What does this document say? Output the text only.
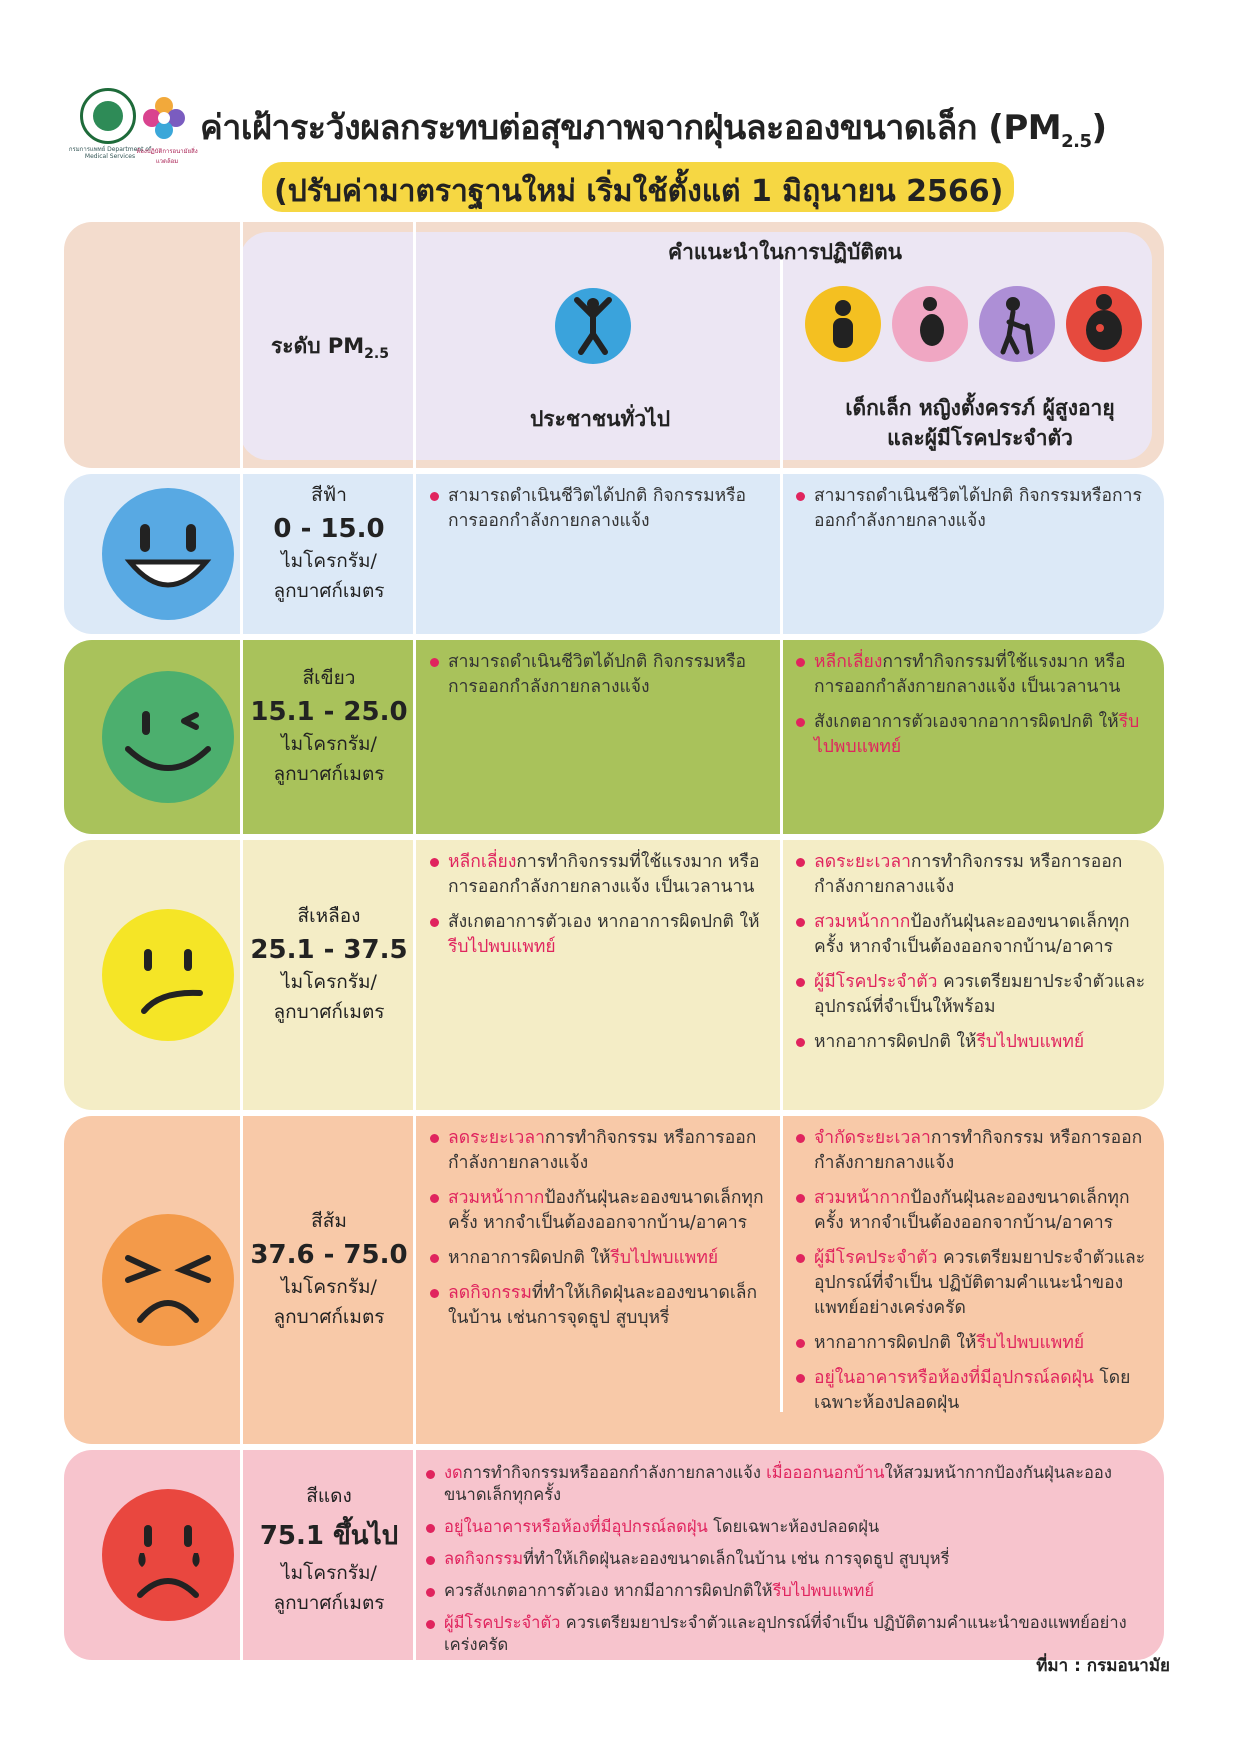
กรมการแพทย์ Department of Medical Services
ห้องปฏิบัติการอนามัยสิ่งแวดล้อม
ค่าเฝ้าระวังผลกระทบต่อสุขภาพจากฝุ่นละอองขนาดเล็ก $(PM_{2.5})$
(ปรับค่ามาตราฐานใหม่ เริ่มใช้ตั้งแต่ 1 มิถุนายน 2566)
สีฟ้า
0 - 15.0
ไมโครกรัม/
ลูกบาศก์เมตร
สามารถดำเนินชีวิตได้ปกติ กิจกรรมหรือการออกกำลังกายกลางแจ้ง
สามารถดำเนินชีวิตได้ปกติ กิจกรรมหรือการออกกำลังกายกลางแจ้ง
สีเขียว
15.1 - 25.0
ไมโครกรัม/
ลูกบาศก์เมตร
สามารถดำเนินชีวิตได้ปกติ กิจกรรมหรือการออกกำลังกายกลางแจ้ง
หลีกเลี่ยงการทำกิจกรรมที่ใช้แรงมาก หรือการออกกำลังกายกลางแจ้ง เป็นเวลานาน
สังเกตอาการตัวเองจากอาการผิดปกติ ให้รีบไปพบแพทย์
สีเหลือง
25.1 - 37.5
ไมโครกรัม/
ลูกบาศก์เมตร
หลีกเลี่ยงการทำกิจกรรมที่ใช้แรงมาก หรือการออกกำลังกายกลางแจ้ง เป็นเวลานาน
สังเกตอาการตัวเอง หากอาการผิดปกติ ให้รีบไปพบแพทย์
ลดระยะเวลาการทำกิจกรรม หรือการออกกำลังกายกลางแจ้ง
สวมหน้ากากป้องกันฝุ่นละอองขนาดเล็กทุกครั้ง หากจำเป็นต้องออกจากบ้าน/อาคาร
ผู้มีโรคประจำตัว ควรเตรียมยาประจำตัวและอุปกรณ์ที่จำเป็นให้พร้อม
หากอาการผิดปกติ ให้รีบไปพบแพทย์
สีส้ม
37.6 - 75.0
ไมโครกรัม/
ลูกบาศก์เมตร
ลดระยะเวลาการทำกิจกรรม หรือการออกกำลังกายกลางแจ้ง
สวมหน้ากากป้องกันฝุ่นละอองขนาดเล็กทุกครั้ง หากจำเป็นต้องออกจากบ้าน/อาคาร
หากอาการผิดปกติ ให้รีบไปพบแพทย์
ลดกิจกรรมที่ทำให้เกิดฝุ่นละอองขนาดเล็กในบ้าน เช่นการจุดธูป สูบบุหรี่
จำกัดระยะเวลาการทำกิจกรรม หรือการออกกำลังกายกลางแจ้ง
สวมหน้ากากป้องกันฝุ่นละอองขนาดเล็กทุกครั้ง หากจำเป็นต้องออกจากบ้าน/อาคาร
ผู้มีโรคประจำตัว ควรเตรียมยาประจำตัวและอุปกรณ์ที่จำเป็น ปฏิบัติตามคำแนะนำของแพทย์อย่างเคร่งครัด
หากอาการผิดปกติ ให้รีบไปพบแพทย์
อยู่ในอาคารหรือห้องที่มีอุปกรณ์ลดฝุ่น โดยเฉพาะห้องปลอดฝุ่น
สีแดง
75.1 ขึ้นไป
ไมโครกรัม/
ลูกบาศก์เมตร
งดการทำกิจกรรมหรือออกกำลังกายกลางแจ้ง เมื่อออกนอกบ้านให้สวมหน้ากากป้องกันฝุ่นละอองขนาดเล็กทุกครั้ง
อยู่ในอาคารหรือห้องที่มีอุปกรณ์ลดฝุ่น โดยเฉพาะห้องปลอดฝุ่น
ลดกิจกรรมที่ทำให้เกิดฝุ่นละอองขนาดเล็กในบ้าน เช่น การจุดธูป สูบบุหรี่
ควรสังเกตอาการตัวเอง หากมีอาการผิดปกติให้รีบไปพบแพทย์
ผู้มีโรคประจำตัว ควรเตรียมยาประจำตัวและอุปกรณ์ที่จำเป็น ปฏิบัติตามคำแนะนำของแพทย์อย่างเคร่งครัด
ระดับ $PM_{2.5}$
คำแนะนำในการปฏิบัติตน
ประชาชนทั่วไป	เด็กเล็ก หญิงตั้งครรภ์ ผู้สูงอายุ
และผู้มีโรคประจำตัว
ที่มา : กรมอนามัย
